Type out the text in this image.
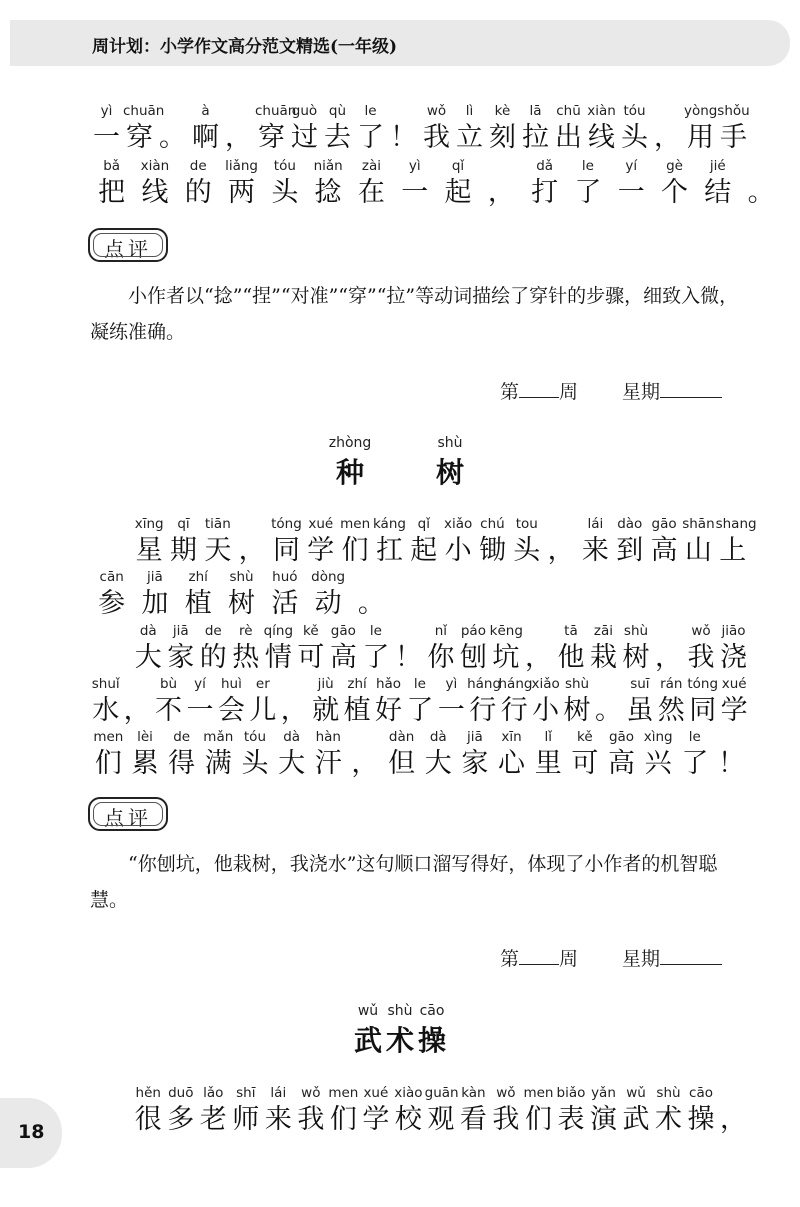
周计划：小学作文高分范文精选(一年级)
yì
一
chuān
穿 。
à
啊 ，
chuān
穿
guò
过
qù
去
le
了 ！
wǒ
我
lì
立
kè
刻
lā
拉
chū
出
xiàn
线
tóu
头 ，
yòng
用
shǒu
手
bǎ
把
xiàn
线
de
的
liǎng
两
tóu
头
niǎn
捻
zài
在
yì
一
qǐ
起 ，
dǎ
打
le
了
yí
一
gè
个
jié
结 。
点评
小作者以“捻”“捏”“对准”“穿”“拉”等动词描绘了穿针的步骤，细致入微，凝练准确。
第 周 星期
zhòng
种
shù
树
xīng
星
qī
期
tiān
天 ，
tóng
同
xué
学
men
们
káng
扛
qǐ
起
xiǎo
小
chú
锄
tou
头 ，
lái
来
dào
到
gāo
高
shān
山
shang
上
cān
参
jiā
加
zhí
植
shù
树
huó
活
dòng
动 。
dà
大
jiā
家
de
的
rè
热
qíng
情
kě
可
gāo
高
le
了 ！
nǐ
你
páo
刨
kēng
坑 ，
tā
他
zāi
栽
shù
树 ，
wǒ
我
jiāo
浇
shuǐ
水 ，
bù
不
yí
一
huì
会
er
儿 ，
jiù
就
zhí
植
hǎo
好
le
了
yì
一
háng
行
háng
行
xiǎo
小
shù
树 。
suī
虽
rán
然
tóng
同
xué
学
men
们
lèi
累
de
得
mǎn
满
tóu
头
dà
大
hàn
汗 ，
dàn
但
dà
大
jiā
家
xīn
心
lǐ
里
kě
可
gāo
高
xìng
兴
le
了 ！
点评
“你刨坑，他栽树，我浇水”这句顺口溜写得好，体现了小作者的机智聪慧。
第 周 星期
wǔ
武
shù
术
cāo
操
hěn
很
duō
多
lǎo
老
shī
师
lái
来
wǒ
我
men
们
xué
学
xiào
校
guān
观
kàn
看
wǒ
我
men
们
biǎo
表
yǎn
演
wǔ
武
shù
术
cāo
操 ，
18
